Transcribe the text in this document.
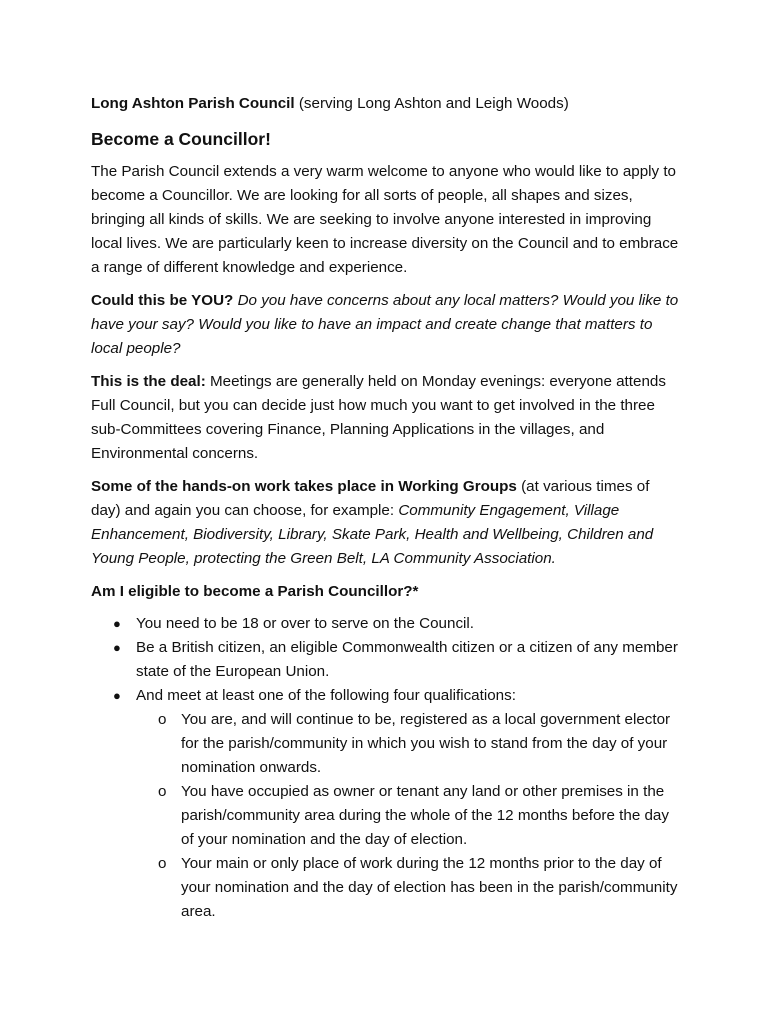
Long Ashton Parish Council (serving Long Ashton and Leigh Woods)

Become a Councillor!

The Parish Council extends a very warm welcome to anyone who would like to apply to become a Councillor. We are looking for all sorts of people, all shapes and sizes, bringing all kinds of skills. We are seeking to involve anyone interested in improving local lives. We are particularly keen to increase diversity on the Council and to embrace a range of different knowledge and experience.

Could this be YOU? Do you have concerns about any local matters? Would you like to have your say? Would you like to have an impact and create change that matters to local people?

This is the deal: Meetings are generally held on Monday evenings: everyone attends Full Council, but you can decide just how much you want to get involved in the three sub-Committees covering Finance, Planning Applications in the villages, and Environmental concerns.

Some of the hands-on work takes place in Working Groups (at various times of day) and again you can choose, for example: Community Engagement, Village Enhancement, Biodiversity, Library, Skate Park, Health and Wellbeing, Children and Young People, protecting the Green Belt, LA Community Association.

Am I eligible to become a Parish Councillor?*

● You need to be 18 or over to serve on the Council.
● Be a British citizen, an eligible Commonwealth citizen or a citizen of any member state of the European Union.
● And meet at least one of the following four qualifications:
o You are, and will continue to be, registered as a local government elector for the parish/community in which you wish to stand from the day of your nomination onwards.
o You have occupied as owner or tenant any land or other premises in the parish/community area during the whole of the 12 months before the day of your nomination and the day of election.
o Your main or only place of work during the 12 months prior to the day of your nomination and the day of election has been in the parish/community area.
